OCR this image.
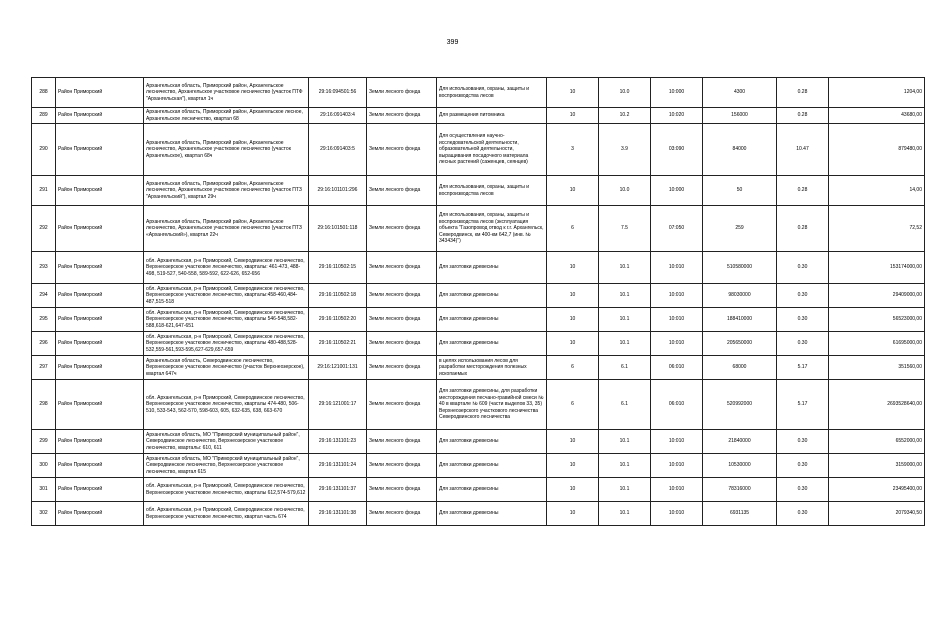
399
288	Район Приморский	Архангельская область, Приморский район, Архангельское лесничество, Архангельское участковое лесничество (участок ПТФ "Архангельская"), квартал 1ч	29:16:094501:56	Земли лесного фонда	Для использования, охраны, защиты и воспроизводства лесов	10	10.0	10:000	4300	0.28	1204,00
289	Район Приморский	Архангельская область, Приморский район, Архангельское лесное, Архангельское лесничество, квартал 68	29:16:091403:4	Земли лесного фонда	Для размещения питомника	10	10.2	10:020	156000	0.28	43680,00
290	Район Приморский	Архангельская область, Приморский район, Архангельское лесничество, Архангельское участковое лесничество (участок Архангельское), квартал 68ч	29:16:091403:5	Земли лесного фонда	Для осуществления научно-исследовательской деятельности, образовательной деятельности, выращивания посадочного материала лесных растений (саженцев, сеянцев)	3	3.9	03:090	84000	10.47	879480,00
291	Район Приморский	Архангельская область, Приморский район, Архангельское лесничество, Архангельское участковое лесничество (участок ПТЗ "Архангельский"), квартал 29ч	29:16:101101:296	Земли лесного фонда	Для использования, охраны, защиты и воспроизводства лесов	10	10.0	10:000	50	0.28	14,00
292	Район Приморский	Архангельская область, Приморский район, Архангельское лесничество, Архангельское участковое лесничество (участок ПТЗ «Архангельский»), квартал 22ч	29:16:101501:118	Земли лесного фонда	Для использования, охраны, защиты и воспроизводства лесов (эксплуатация объекта "Газопровод отвод к г.г. Архангельск, Северодвинск, км 400-км 642,7 (инв. № 343434)")	6	7.5	07:050	259	0.28	72,52
293	Район Приморский	обл. Архангельская, р-н Приморский, Северодвинское лесничество, Верхнеозерское участковое лесничество, кварталы: 461-473, 488-498, 519-527, 540-558, 589-592, 622-626, 652-656	29:16:110502:15	Земли лесного фонда	Для заготовки древесины	10	10.1	10:010	510580000	0.30	153174000,00
294	Район Приморский	обл. Архангельская, р-н Приморский, Северодвинское лесничество, Верхнеозерское участковое лесничество, кварталы:458-460,484-487,515-518	29:16:110502:18	Земли лесного фонда	Для заготовки древесины	10	10.1	10:010	98030000	0.30	29409000,00
295	Район Приморский	обл. Архангельская, р-н Приморский, Северодвинское лесничество, Верхнеозерское участковое лесничество, кварталы 546-548,582-588,618-621,647-651	29:16:110502:20	Земли лесного фонда	Для заготовки древесины	10	10.1	10:010	188410000	0.30	56523000,00
296	Район Приморский	обл. Архангельская, р-н Приморский, Северодвинское лесничество, Верхнеозерское участковое лесничество, кварталы 480-488,528-532,559-561,593-595,627-629,657-659	29:16:110502:21	Земли лесного фонда	Для заготовки древесины	10	10.1	10:010	205650000	0.30	61695000,00
297	Район Приморский	Архангельская область, Северодвинское лесничество, Верхнеозерское участковое лесничество (участок Верхнеозерское), квартал 647ч	29:16:121001:131	Земли лесного фонда	в целях использования лесов для разработки месторождения полезных ископаемых	6	6.1	06:010	68000	5.17	351560,00
298	Район Приморский	обл. Архангельская, р-н Приморский, Северодвинское лесничество, Верхнеозерское участковое лесничество, кварталы 474-480, 506-510, 533-543, 562-570, 598-603, 605, 632-635, 638, 663-670	29:16:121001:17	Земли лесного фонда	Для заготовки древесины, для разработки месторождения песчано-гравийной смеси № 40 в квартале № 609 (части выделов 33, 35) Верхнеозерского участкового лесничества Северодвинского лесничества	6	6.1	06:010	520992000	5.17	2693528640,00
299	Район Приморский	Архангельская область, МО "Приморский муниципальный район", Северодвинское лесничество, Верхнеозерское участковое лесничество, кварталы: 610, 611	29:16:131101:23	Земли лесного фонда	Для заготовки древесины	10	10.1	10:010	21840000	0.30	6552000,00
300	Район Приморский	Архангельская область, МО "Приморский муниципальный район", Северодвинское лесничество, Верхнеозерское участковое лесничество, квартал 615	29:16:131101:24	Земли лесного фонда	Для заготовки древесины	10	10.1	10:010	10530000	0.30	3159000,00
301	Район Приморский	обл. Архангельская, р-н Приморский, Северодвинское лесничество, Верхнеозерское участковое лесничество, кварталы 612,574-579,612	29:16:131101:37	Земли лесного фонда	Для заготовки древесины	10	10.1	10:010	78316000	0.30	23495400,00
302	Район Приморский	обл. Архангельская, р-н Приморский, Северодвинское лесничество, Верхнеозерское участковое лесничество, квартал часть 674	29:16:131101:38	Земли лесного фонда	Для заготовки древесины	10	10.1	10:010	6931135	0.30	2079340,50
